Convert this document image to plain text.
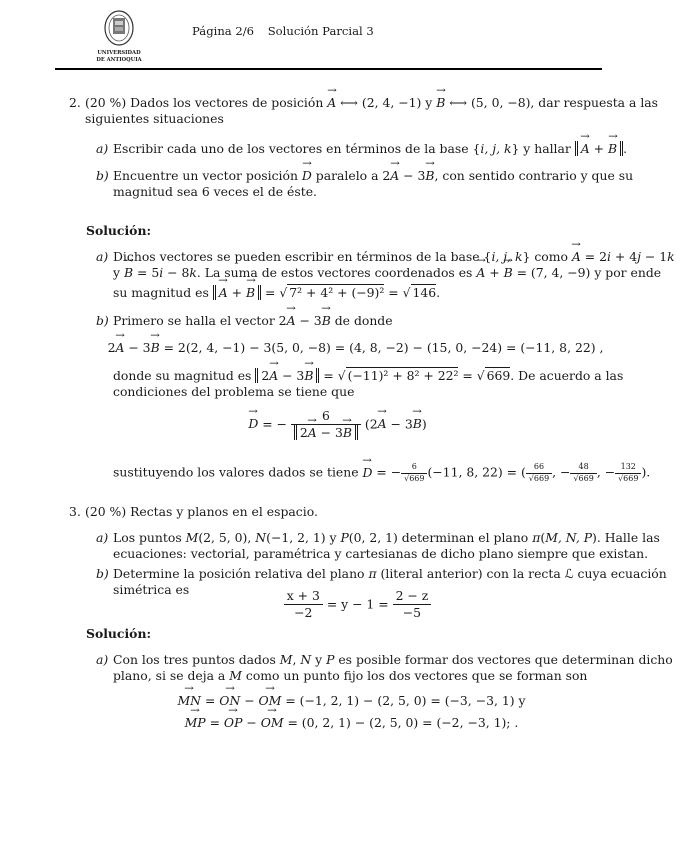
UNIVERSIDAD
DE ANTIOQUIA
Página 2/6 Solución Parcial 3
2. (20 %) Dados los vectores de posición → A ⟷ (2, 4, −1) y → B ⟷ (5, 0, −8), dar respuesta a las
siguientes situaciones
a) Escribir cada uno de los vectores en términos de la base {i, j, k} y hallar → A + → B .
b) Encuentre un vector posición → D paralelo a 2→ A − 3→ B, con sentido contrario y que su
magnitud sea 6 veces el de éste.
Solución:
a) Dichos vectores se pueden escribir en términos de la base {i, j, k} como → A = 2i + 4j − 1k
y → B = 5i − 8k. La suma de estos vectores coordenados es → A + → B = (7, 4, −9) y por ende
su magnitud es → A + → B = √ 7² + 4² + (−9)² = √ 146.
b) Primero se halla el vector 2→ A − 3→ B de donde
2→ A − 3→ B = 2(2, 4, −1) − 3(5, 0, −8) = (4, 8, −2) − (15, 0, −24) = (−11, 8, 22) ,
donde su magnitud es 2→ A − 3→ B = √ (−11)² + 8² + 22² = √ 669. De acuerdo a las
condiciones del problema se tiene que
→ D = − $\frac{6}{2\to A - 3\to B} (2\to A - 3\to B)$
sustituyendo los valores dados se tiene → D = − $\frac{6}{√669} (-11$, 8, 22) = ( $\frac{66}{√669}$ , − $\frac{48}{√669}$ , − $\frac{132}{√669}$ ).
3. (20 %) Rectas y planos en el espacio.
a) Los puntos M(2, 5, 0), N(−1, 2, 1) y P(0, 2, 1) determinan el plano π(M, N, P). Halle las
ecuaciones: vectorial, paramétrica y cartesianas de dicho plano siempre que existan.
b) Determine la posición relativa del plano π (literal anterior) con la recta ℒ cuya ecuación
simétrica es	$\frac{x + 3}{-2} = y - 1 = \frac{2 - z}{-5}$
Solución:
a) Con los tres puntos dados M, N y P es posible formar dos vectores que determinan dicho
plano, si se deja a M como un punto fijo los dos vectores que se forman son
→ MN = → ON − → OM = (−1, 2, 1) − (2, 5, 0) = (−3, −3, 1) y
→ MP = → OP − → OM = (0, 2, 1) − (2, 5, 0) = (−2, −3, 1); .
